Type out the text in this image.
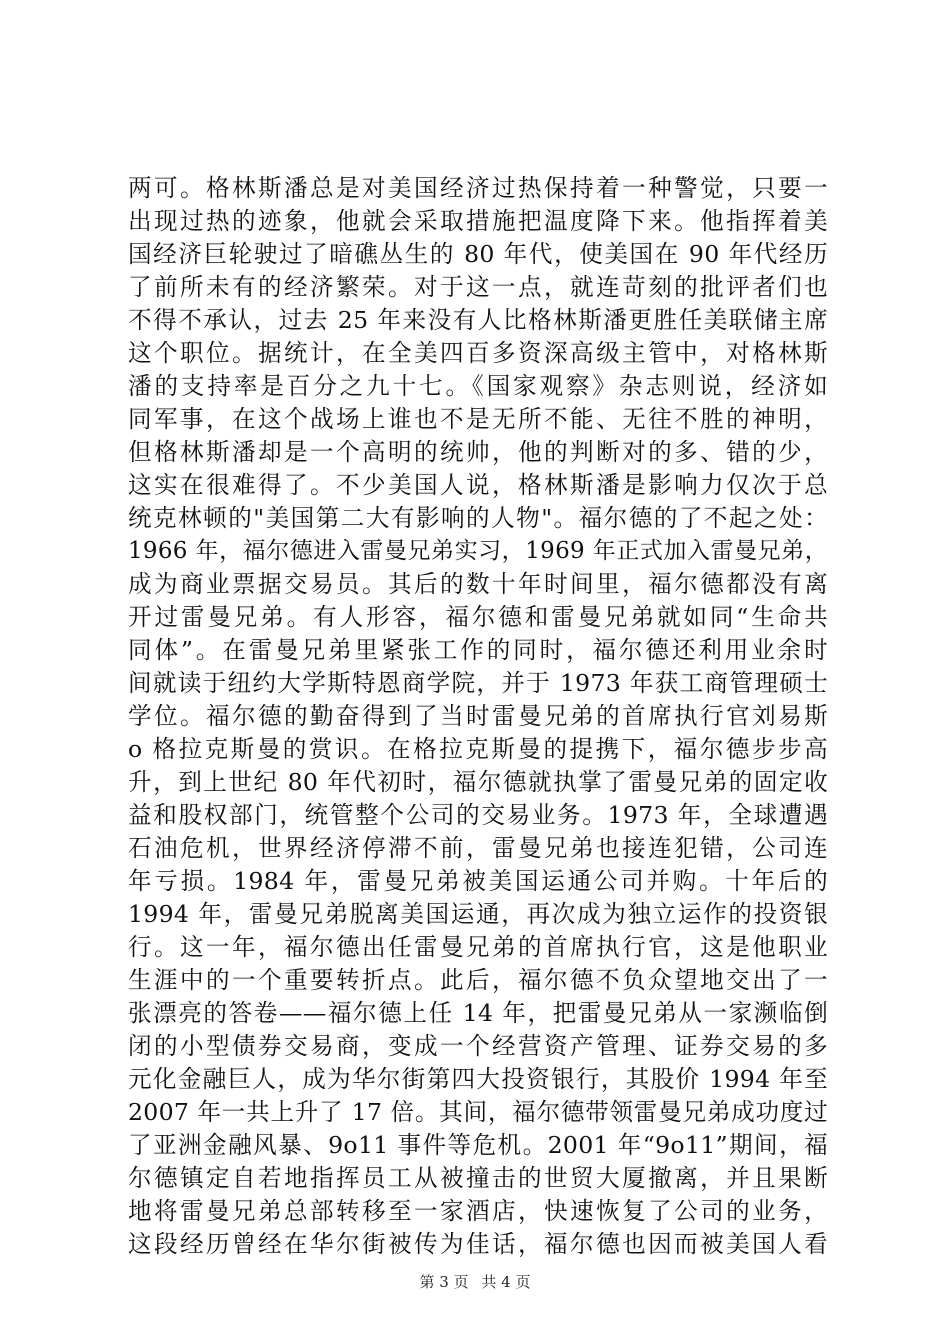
两可。格林斯潘总是对美国经济过热保持着一种警觉，只要一
出现过热的迹象，他就会采取措施把温度降下来。他指挥着美
国经济巨轮驶过了暗礁丛生的 80 年代，使美国在 90 年代经历
了前所未有的经济繁荣。对于这一点，就连苛刻的批评者们也
不得不承认，过去 25 年来没有人比格林斯潘更胜任美联储主席
这个职位。据统计，在全美四百多资深高级主管中，对格林斯
潘的支持率是百分之九十七。《国家观察》杂志则说，经济如
同军事，在这个战场上谁也不是无所不能、无往不胜的神明，
但格林斯潘却是一个高明的统帅，他的判断对的多、错的少，
这实在很难得了。不少美国人说，格林斯潘是影响力仅次于总
统克林顿的"美国第二大有影响的人物"。福尔德的了不起之处：
1966 年，福尔德进入雷曼兄弟实习，1969 年正式加入雷曼兄弟，
成为商业票据交易员。其后的数十年时间里，福尔德都没有离
开过雷曼兄弟。有人形容，福尔德和雷曼兄弟就如同“生命共
同体”。在雷曼兄弟里紧张工作的同时，福尔德还利用业余时
间就读于纽约大学斯特恩商学院，并于 1973 年获工商管理硕士
学位。福尔德的勤奋得到了当时雷曼兄弟的首席执行官刘易斯
o 格拉克斯曼的赏识。在格拉克斯曼的提携下，福尔德步步高
升，到上世纪 80 年代初时，福尔德就执掌了雷曼兄弟的固定收
益和股权部门，统管整个公司的交易业务。1973 年，全球遭遇
石油危机，世界经济停滞不前，雷曼兄弟也接连犯错，公司连
年亏损。1984 年，雷曼兄弟被美国运通公司并购。十年后的
1994 年，雷曼兄弟脱离美国运通，再次成为独立运作的投资银
行。这一年，福尔德出任雷曼兄弟的首席执行官，这是他职业
生涯中的一个重要转折点。此后，福尔德不负众望地交出了一
张漂亮的答卷——福尔德上任 14 年，把雷曼兄弟从一家濒临倒
闭的小型债券交易商，变成一个经营资产管理、证券交易的多
元化金融巨人，成为华尔街第四大投资银行，其股价 1994 年至
2007 年一共上升了 17 倍。其间，福尔德带领雷曼兄弟成功度过
了亚洲金融风暴、9o11 事件等危机。2001 年“9o11”期间，福
尔德镇定自若地指挥员工从被撞击的世贸大厦撤离，并且果断
地将雷曼兄弟总部转移至一家酒店，快速恢复了公司的业务，
这段经历曾经在华尔街被传为佳话，福尔德也因而被美国人看
第 3 页 共 4 页
